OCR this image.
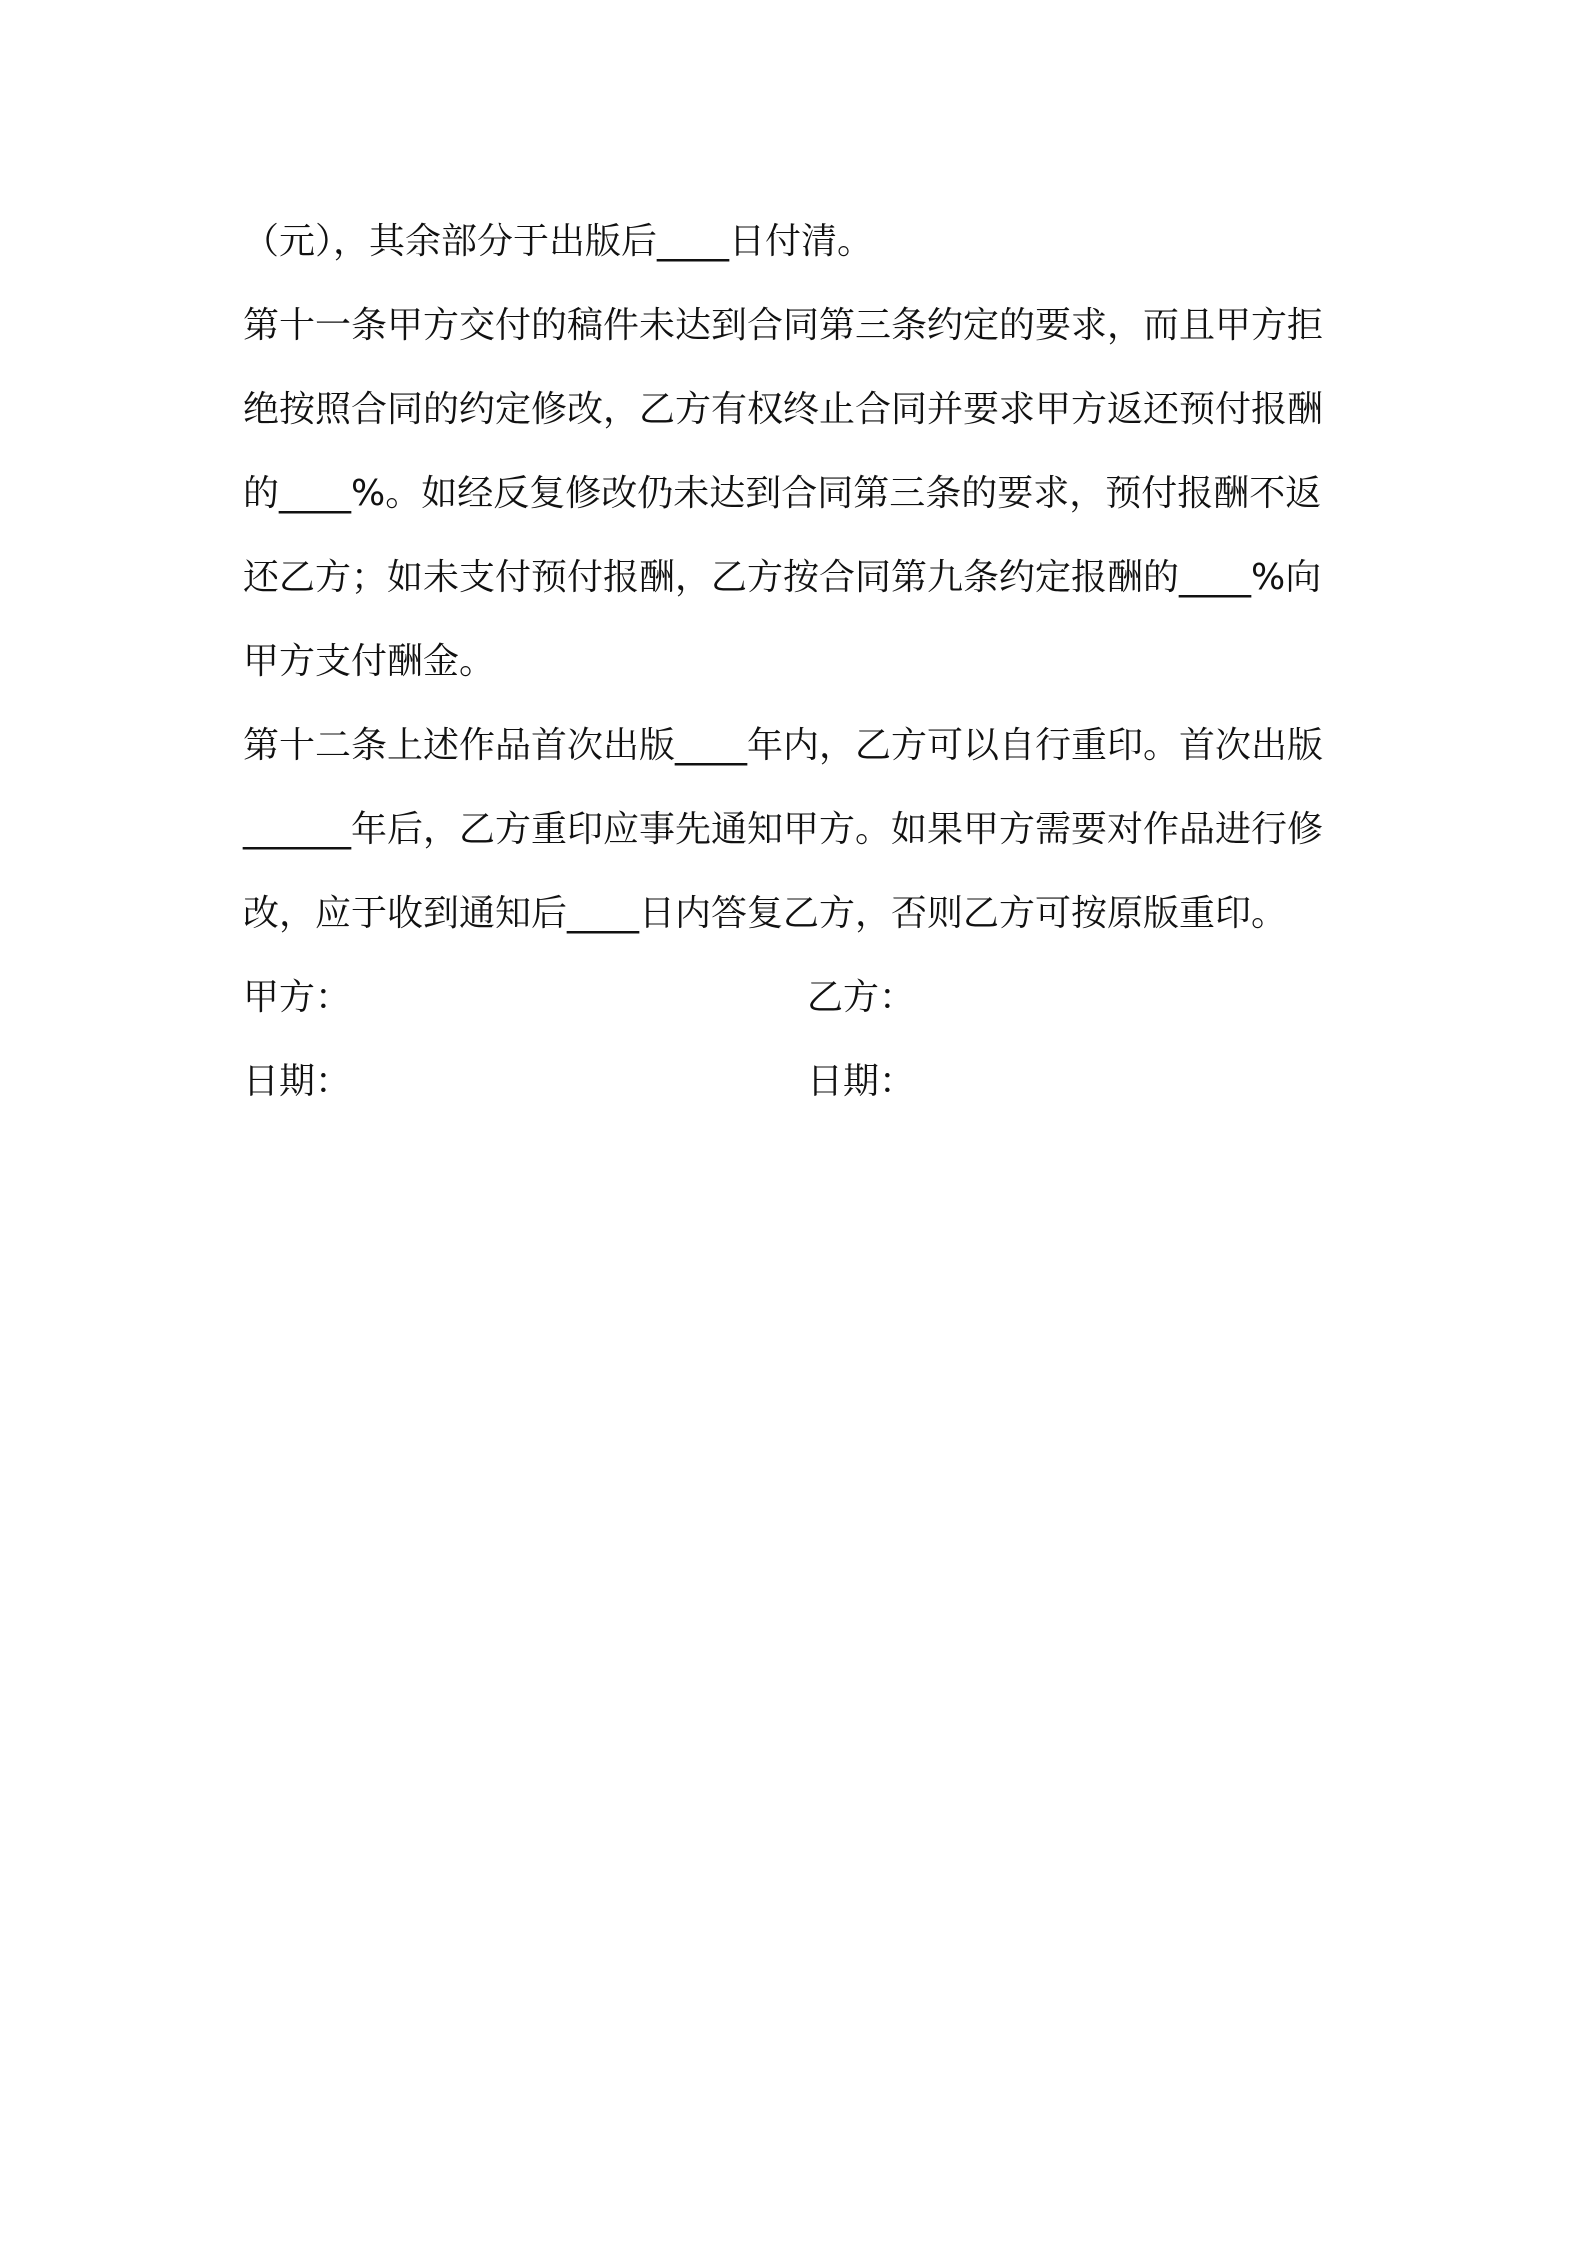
（元），其余部分于出版后____日付清。
第十一条甲方交付的稿件未达到合同第三条约定的要求，而且甲方拒
绝按照合同的约定修改，乙方有权终止合同并要求甲方返还预付报酬
的____%。如经反复修改仍未达到合同第三条的要求，预付报酬不返
还乙方；如未支付预付报酬，乙方按合同第九条约定报酬的____%向
甲方支付酬金。
第十二条上述作品首次出版____年内，乙方可以自行重印。首次出版
______年后，乙方重印应事先通知甲方。如果甲方需要对作品进行修
改，应于收到通知后____日内答复乙方，否则乙方可按原版重印。
甲方：	乙方：
日期：	日期：
